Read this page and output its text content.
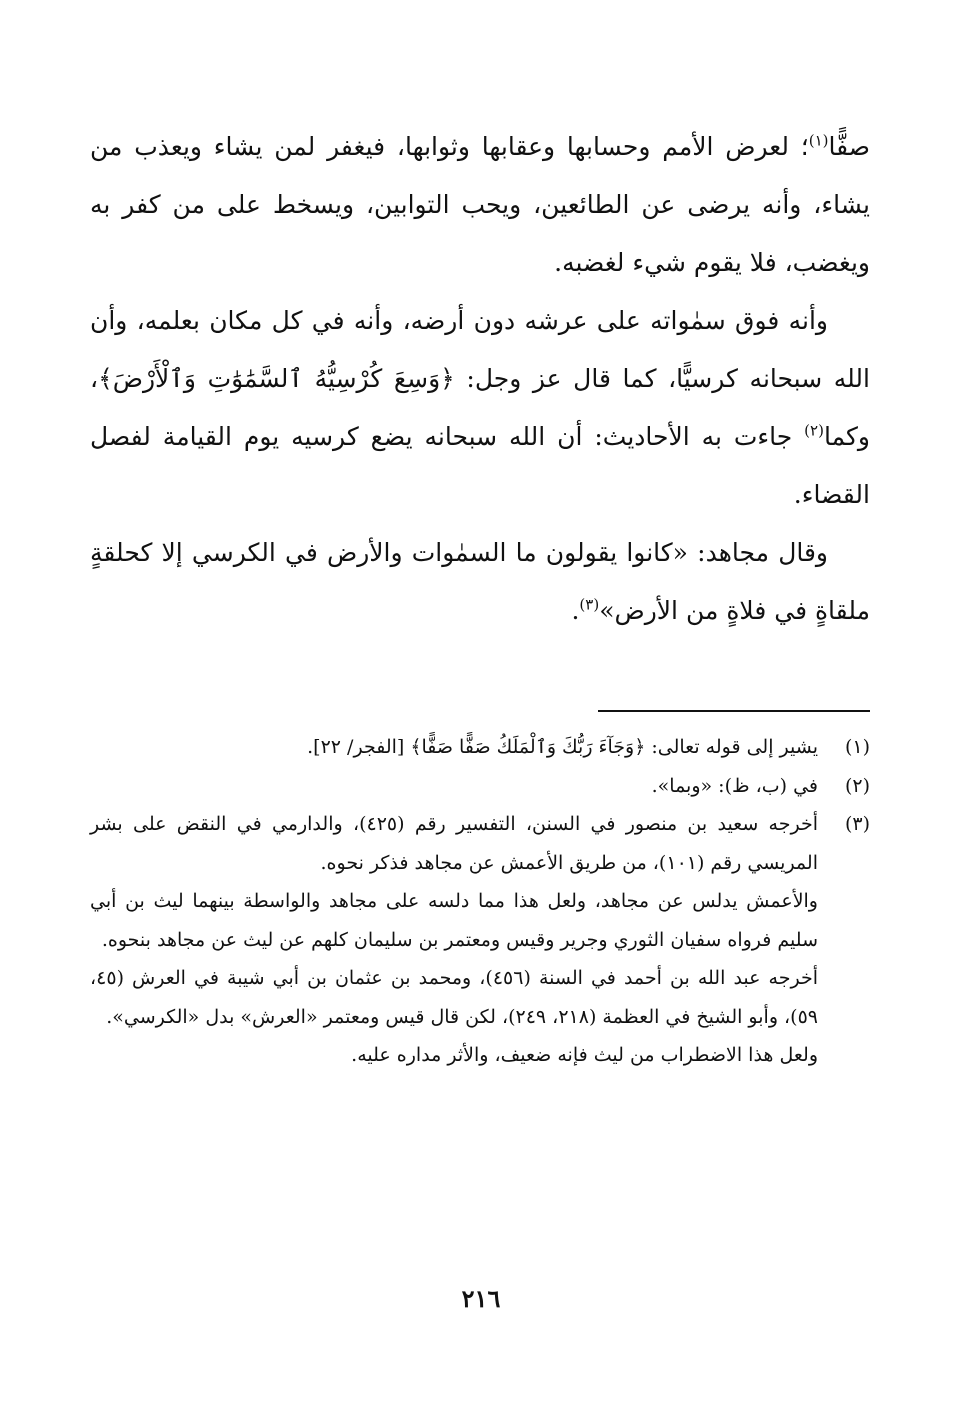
صفًّا$^{(١)}$؛ لعرض الأمم وحسابها وعقابها وثوابها، فيغفر لمن يشاء ويعذب من يشاء، وأنه يرضى عن الطائعين، ويحب التوابين، ويسخط على من كفر به ويغضب، فلا يقوم شيء لغضبه.

وأنه فوق سمٰواته على عرشه دون أرضه، وأنه في كل مكان بعلمه، وأن الله سبحانه كرسيًّا، كما قال عز وجل: ﴿وَسِعَ كُرْسِيُّهُ ٱلسَّمَٰوَٰتِ وَٱلْأَرْضَ﴾، وكما$^{(٢)}$ جاءت به الأحاديث: أن الله سبحانه يضع كرسيه يوم القيامة لفصل القضاء.

وقال مجاهد: «كانوا يقولون ما السمٰوات والأرض في الكرسي إلا كحلقةٍ ملقاةٍ في فلاةٍ من الأرض»$^{(٣)}$.

(١)

يشير إلى قوله تعالى: ﴿وَجَآءَ رَبُّكَ وَٱلْمَلَكُ صَفًّا صَفًّا﴾ [الفجر/ ٢٢].

(٢)

في (ب، ظ): «وبما».

(٣)

أخرجه سعيد بن منصور في السنن، التفسير رقم (٤٢٥)، والدارمي في النقض على بشر المريسي رقم (١٠١)، من طريق الأعمش عن مجاهد فذكر نحوه.

والأعمش يدلس عن مجاهد، ولعل هذا مما دلسه على مجاهد والواسطة بينهما ليث بن أبي سليم فرواه سفيان الثوري وجرير وقيس ومعتمر بن سليمان كلهم عن ليث عن مجاهد بنحوه.

أخرجه عبد الله بن أحمد في السنة (٤٥٦)، ومحمد بن عثمان بن أبي شيبة في العرش (٤٥، ٥٩)، وأبو الشيخ في العظمة (٢١٨، ٢٤٩)، لكن قال قيس ومعتمر «العرش» بدل «الكرسي».

ولعل هذا الاضطراب من ليث فإنه ضعيف، والأثر مداره عليه.

٢١٦
